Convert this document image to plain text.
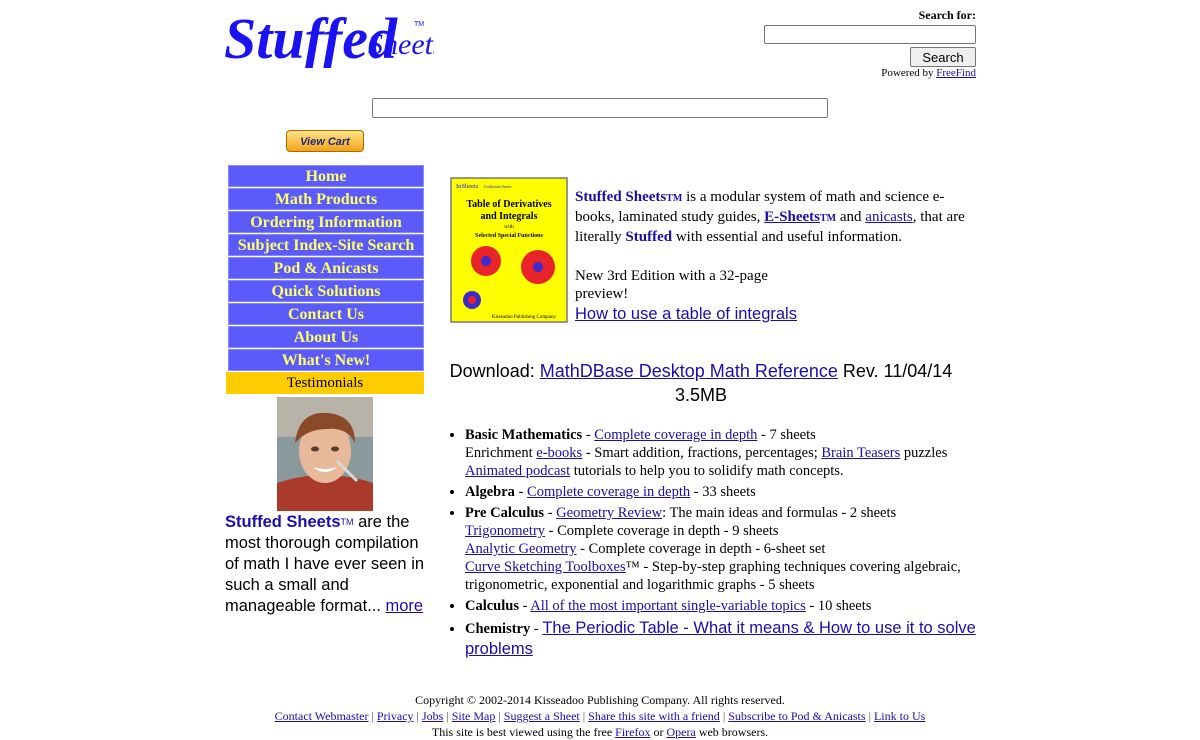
Stuffed
Sheet
TM
Search for:
Search
Powered by FreeFind
View Cart
Home
Math Products
Ordering Information
Subject Index-Site Search
Pod & Anicasts
Quick Solutions
Contact Us
About Us
What's New!
Testimonials
Stuffed SheetsTM are the most thorough compilation of math I have ever seen in such a small and manageable format... more
InSheets Collection Series
Table of Derivatives
and Integrals
with
Selected Special Functions
Kisseadoo Publishing Company
Stuffed SheetsTM is a modular system of math and science e-books, laminated study guides, E-SheetsTM and anicasts, that are literally Stuffed with essential and useful information.
New 3rd Edition with a 32-page preview!
How to use a table of integrals
Download: MathDBase Desktop Math Reference Rev. 11/04/14 3.5MB
• Basic Mathematics - Complete coverage in depth - 7 sheets
Enrichment e-books - Smart addition, fractions, percentages; Brain Teasers puzzles
Animated podcast tutorials to help you to solidify math concepts.
• Algebra - Complete coverage in depth - 33 sheets
• Pre Calculus - Geometry Review: The main ideas and formulas - 2 sheets
Trigonometry - Complete coverage in depth - 9 sheets
Analytic Geometry - Complete coverage in depth - 6-sheet set
Curve Sketching Toolboxes™ - Step-by-step graphing techniques covering algebraic, trigonometric, exponential and logarithmic graphs - 5 sheets
• Calculus - All of the most important single-variable topics - 10 sheets
• Chemistry - The Periodic Table - What it means & How to use it to solve problems
Copyright © 2002-2014 Kisseadoo Publishing Company. All rights reserved.
Contact Webmaster | Privacy | Jobs | Site Map | Suggest a Sheet | Share this site with a friend | Subscribe to Pod & Anicasts | Link to Us
This site is best viewed using the free Firefox or Opera web browsers.
